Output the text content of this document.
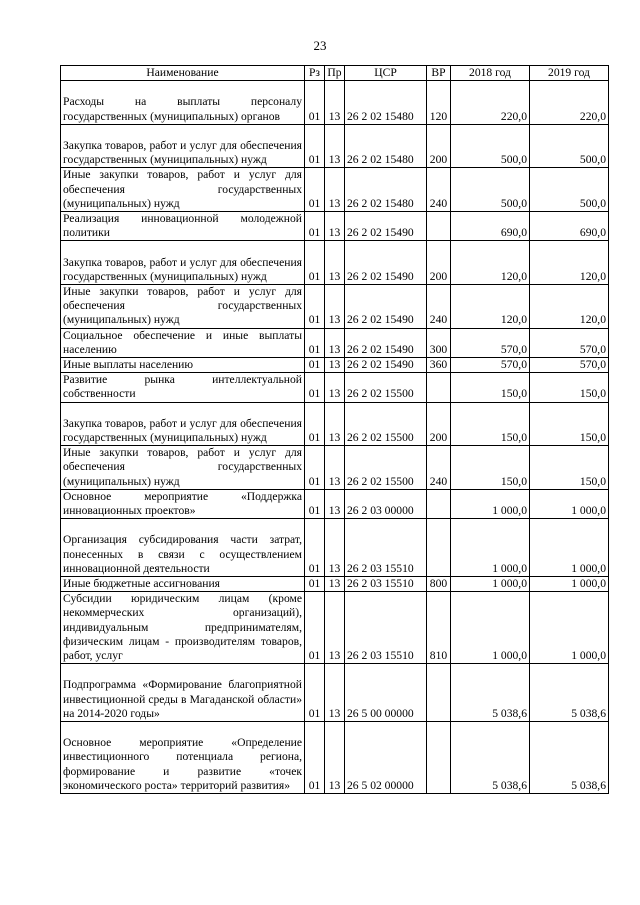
23
Наименование	Рз	Пр	ЦСР	ВР	2018 год	2019 год
Расходы на выплаты персоналу государственных (муниципальных) органов	01	13	26 2 02 15480	120	220,0	220,0
Закупка товаров, работ и услуг для обеспечения государственных (муниципальных) нужд	01	13	26 2 02 15480	200	500,0	500,0
Иные закупки товаров, работ и услуг для обеспечения государственных (муниципальных) нужд	01	13	26 2 02 15480	240	500,0	500,0
Реализация инновационной молодежной политики	01	13	26 2 02 15490		690,0	690,0
Закупка товаров, работ и услуг для обеспечения государственных (муниципальных) нужд	01	13	26 2 02 15490	200	120,0	120,0
Иные закупки товаров, работ и услуг для обеспечения государственных (муниципальных) нужд	01	13	26 2 02 15490	240	120,0	120,0
Социальное обеспечение и иные выплаты населению	01	13	26 2 02 15490	300	570,0	570,0
Иные выплаты населению	01	13	26 2 02 15490	360	570,0	570,0
Развитие рынка интеллектуальной собственности	01	13	26 2 02 15500		150,0	150,0
Закупка товаров, работ и услуг для обеспечения государственных (муниципальных) нужд	01	13	26 2 02 15500	200	150,0	150,0
Иные закупки товаров, работ и услуг для обеспечения государственных (муниципальных) нужд	01	13	26 2 02 15500	240	150,0	150,0
Основное мероприятие «Поддержка инновационных проектов»	01	13	26 2 03 00000		1 000,0	1 000,0
Организация субсидирования части затрат, понесенных в связи с осуществлением инновационной деятельности	01	13	26 2 03 15510		1 000,0	1 000,0
Иные бюджетные ассигнования	01	13	26 2 03 15510	800	1 000,0	1 000,0
Субсидии юридическим лицам (кроме некоммерческих организаций), индивидуальным предпринимателям, физическим лицам - производителям товаров, работ, услуг	01	13	26 2 03 15510	810	1 000,0	1 000,0
Подпрограмма «Формирование благоприятной инвестиционной среды в Магаданской области» на 2014-2020 годы»	01	13	26 5 00 00000		5 038,6	5 038,6
Основное мероприятие «Определение инвестиционного потенциала региона, формирование и развитие «точек экономического роста» территорий развития»	01	13	26 5 02 00000		5 038,6	5 038,6
